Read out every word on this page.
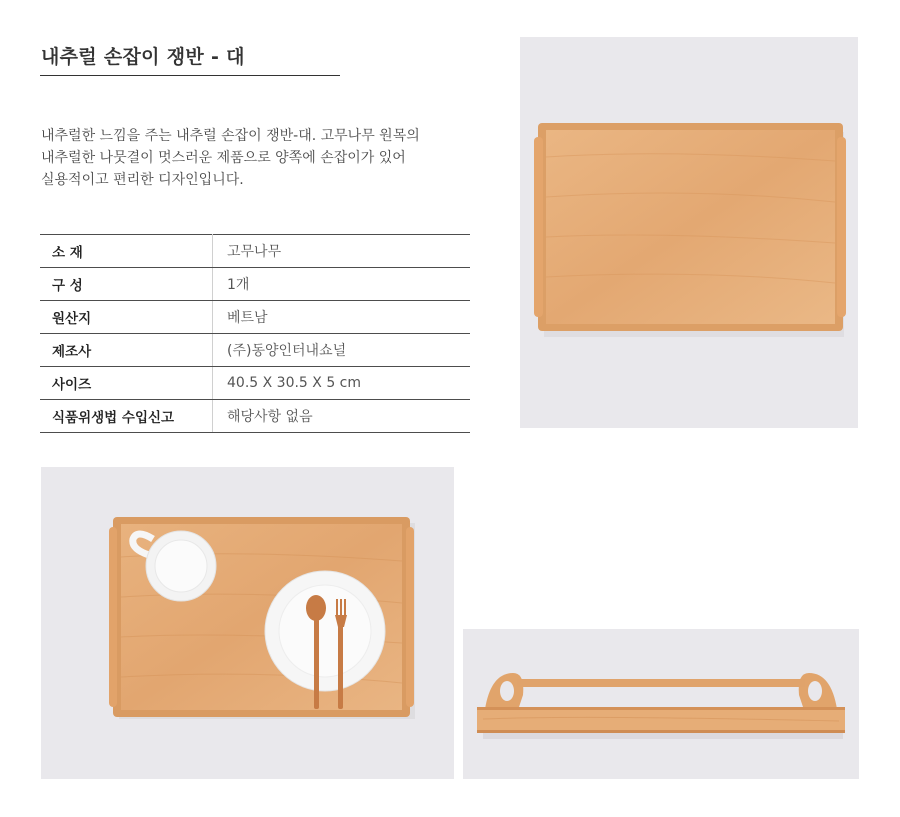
내추럴 손잡이 쟁반 - 대
내추럴한 느낌을 주는 내추럴 손잡이 쟁반-대. 고무나무 원목의
내추럴한 나뭇결이 멋스러운 제품으로 양쪽에 손잡이가 있어
실용적이고 편리한 디자인입니다.
소 재	고무나무
구 성	1개
원산지	베트남
제조사	(주)동양인터내쇼널
사이즈	40.5 X 30.5 X 5 cm
식품위생법 수입신고	해당사항 없음
